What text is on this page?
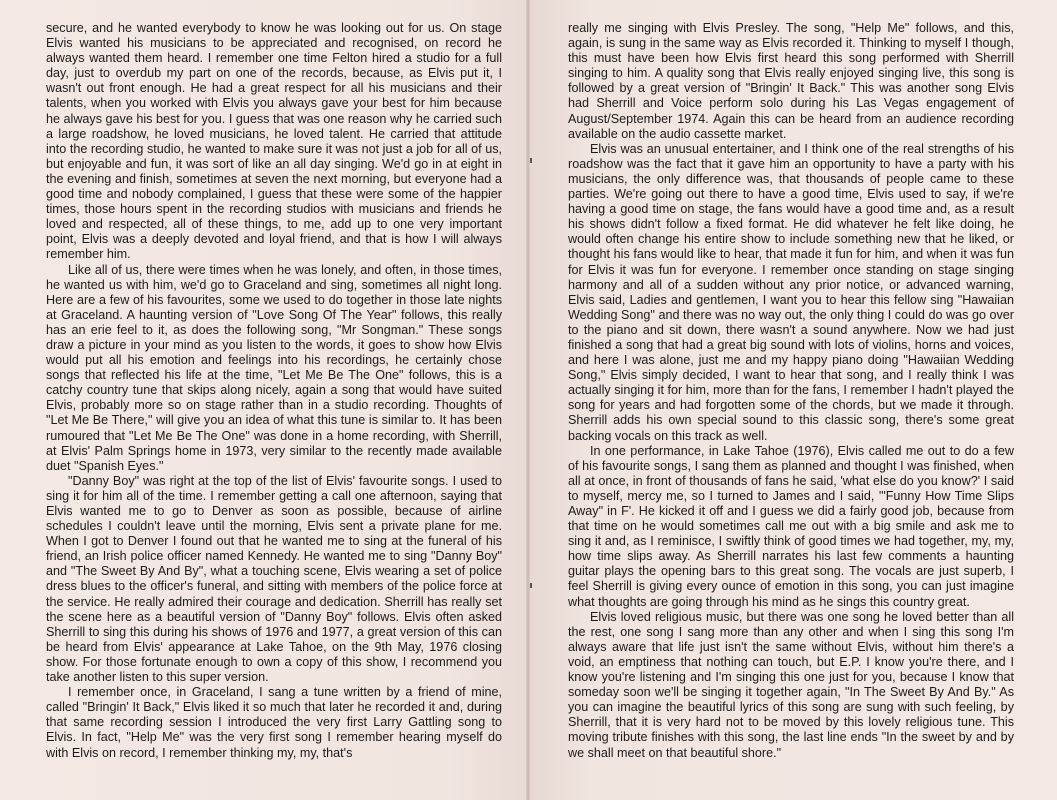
secure, and he wanted everybody to know he was looking out for us. On stage Elvis wanted his musicians to be appreciated and recognised, on record he always wanted them heard. I remember one time Felton hired a studio for a full day, just to overdub my part on one of the records, because, as Elvis put it, I wasn't out front enough. He had a great respect for all his musicians and their talents, when you worked with Elvis you always gave your best for him because he always gave his best for you. I guess that was one reason why he carried such a large roadshow, he loved musicians, he loved talent. He carried that attitude into the recording studio, he wanted to make sure it was not just a job for all of us, but enjoyable and fun, it was sort of like an all day singing. We'd go in at eight in the evening and finish, sometimes at seven the next morning, but everyone had a good time and nobody complained, I guess that these were some of the happier times, those hours spent in the recording studios with musicians and friends he loved and respected, all of these things, to me, add up to one very important point, Elvis was a deeply devoted and loyal friend, and that is how I will always remember him.

Like all of us, there were times when he was lonely, and often, in those times, he wanted us with him, we'd go to Graceland and sing, sometimes all night long. Here are a few of his favourites, some we used to do together in those late nights at Graceland. A haunting version of "Love Song Of The Year" follows, this really has an erie feel to it, as does the following song, "Mr Songman." These songs draw a picture in your mind as you listen to the words, it goes to show how Elvis would put all his emotion and feelings into his recordings, he certainly chose songs that reflected his life at the time, "Let Me Be The One" follows, this is a catchy country tune that skips along nicely, again a song that would have suited Elvis, probably more so on stage rather than in a studio recording. Thoughts of "Let Me Be There," will give you an idea of what this tune is similar to. It has been rumoured that "Let Me Be The One" was done in a home recording, with Sherrill, at Elvis' Palm Springs home in 1973, very similar to the recently made available duet "Spanish Eyes."

"Danny Boy" was right at the top of the list of Elvis' favourite songs. I used to sing it for him all of the time. I remember getting a call one afternoon, saying that Elvis wanted me to go to Denver as soon as possible, because of airline schedules I couldn't leave until the morning, Elvis sent a private plane for me. When I got to Denver I found out that he wanted me to sing at the funeral of his friend, an Irish police officer named Kennedy. He wanted me to sing "Danny Boy" and "The Sweet By And By", what a touching scene, Elvis wearing a set of police dress blues to the officer's funeral, and sitting with members of the police force at the service. He really admired their courage and dedication. Sherrill has really set the scene here as a beautiful version of "Danny Boy" follows. Elvis often asked Sherrill to sing this during his shows of 1976 and 1977, a great version of this can be heard from Elvis' appearance at Lake Tahoe, on the 9th May, 1976 closing show. For those fortunate enough to own a copy of this show, I recommend you take another listen to this super version.

I remember once, in Graceland, I sang a tune written by a friend of mine, called "Bringin' It Back," Elvis liked it so much that later he recorded it and, during that same recording session I introduced the very first Larry Gattling song to Elvis. In fact, "Help Me" was the very first song I remember hearing myself do with Elvis on record, I remember thinking my, my, that's

really me singing with Elvis Presley. The song, "Help Me" follows, and this, again, is sung in the same way as Elvis recorded it. Thinking to myself I though, this must have been how Elvis first heard this song performed with Sherrill singing to him. A quality song that Elvis really enjoyed singing live, this song is followed by a great version of "Bringin' It Back." This was another song Elvis had Sherrill and Voice perform solo during his Las Vegas engagement of August/September 1974. Again this can be heard from an audience recording available on the audio cassette market.

Elvis was an unusual entertainer, and I think one of the real strengths of his roadshow was the fact that it gave him an opportunity to have a party with his musicians, the only difference was, that thousands of people came to these parties. We're going out there to have a good time, Elvis used to say, if we're having a good time on stage, the fans would have a good time and, as a result his shows didn't follow a fixed format. He did whatever he felt like doing, he would often change his entire show to include something new that he liked, or thought his fans would like to hear, that made it fun for him, and when it was fun for Elvis it was fun for everyone. I remember once standing on stage singing harmony and all of a sudden without any prior notice, or advanced warning, Elvis said, Ladies and gentlemen, I want you to hear this fellow sing "Hawaiian Wedding Song" and there was no way out, the only thing I could do was go over to the piano and sit down, there wasn't a sound anywhere. Now we had just finished a song that had a great big sound with lots of violins, horns and voices, and here I was alone, just me and my happy piano doing "Hawaiian Wedding Song," Elvis simply decided, I want to hear that song, and I really think I was actually singing it for him, more than for the fans, I remember I hadn't played the song for years and had forgotten some of the chords, but we made it through. Sherrill adds his own special sound to this classic song, there's some great backing vocals on this track as well.

In one performance, in Lake Tahoe (1976), Elvis called me out to do a few of his favourite songs, I sang them as planned and thought I was finished, when all at once, in front of thousands of fans he said, 'what else do you know?' I said to myself, mercy me, so I turned to James and I said, '"Funny How Time Slips Away" in F'. He kicked it off and I guess we did a fairly good job, because from that time on he would sometimes call me out with a big smile and ask me to sing it and, as I reminisce, I swiftly think of good times we had together, my, my, how time slips away. As Sherrill narrates his last few comments a haunting guitar plays the opening bars to this great song. The vocals are just superb, I feel Sherrill is giving every ounce of emotion in this song, you can just imagine what thoughts are going through his mind as he sings this country great.

Elvis loved religious music, but there was one song he loved better than all the rest, one song I sang more than any other and when I sing this song I'm always aware that life just isn't the same without Elvis, without him there's a void, an emptiness that nothing can touch, but E.P. I know you're there, and I know you're listening and I'm singing this one just for you, because I know that someday soon we'll be singing it together again, "In The Sweet By And By." As you can imagine the beautiful lyrics of this song are sung with such feeling, by Sherrill, that it is very hard not to be moved by this lovely religious tune. This moving tribute finishes with this song, the last line ends "In the sweet by and by we shall meet on that beautiful shore."
